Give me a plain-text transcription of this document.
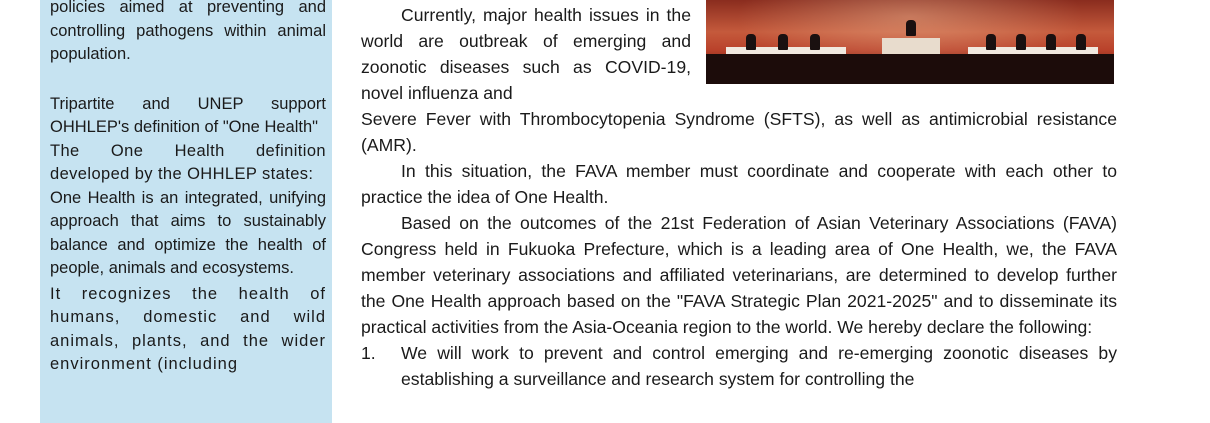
policies aimed at preventing and controlling pathogens within animal population.

Tripartite and UNEP support OHHLEP's definition of "One Health"

The One Health definition developed by the OHHLEP states:

One Health is an integrated, unifying approach that aims to sustainably balance and optimize the health of people, animals and ecosystems.

It recognizes the health of humans, domestic and wild animals, plants, and the wider environment (including

Currently, major health issues in the world are outbreak of emerging and zoonotic diseases such as COVID-19, novel influenza and

Severe Fever with Thrombocytopenia Syndrome (SFTS), as well as antimicrobial resistance (AMR).

In this situation, the FAVA member must coordinate and cooperate with each other to practice the idea of One Health.

Based on the outcomes of the 21st Federation of Asian Veterinary Associations (FAVA) Congress held in Fukuoka Prefecture, which is a leading area of One Health, we, the FAVA member veterinary associations and affiliated veterinarians, are determined to develop further the One Health approach based on the "FAVA Strategic Plan 2021-2025" and to disseminate its practical activities from the Asia-Oceania region to the world. We hereby declare the following:

1. We will work to prevent and control emerging and re-emerging zoonotic diseases by establishing a surveillance and research system for controlling the
